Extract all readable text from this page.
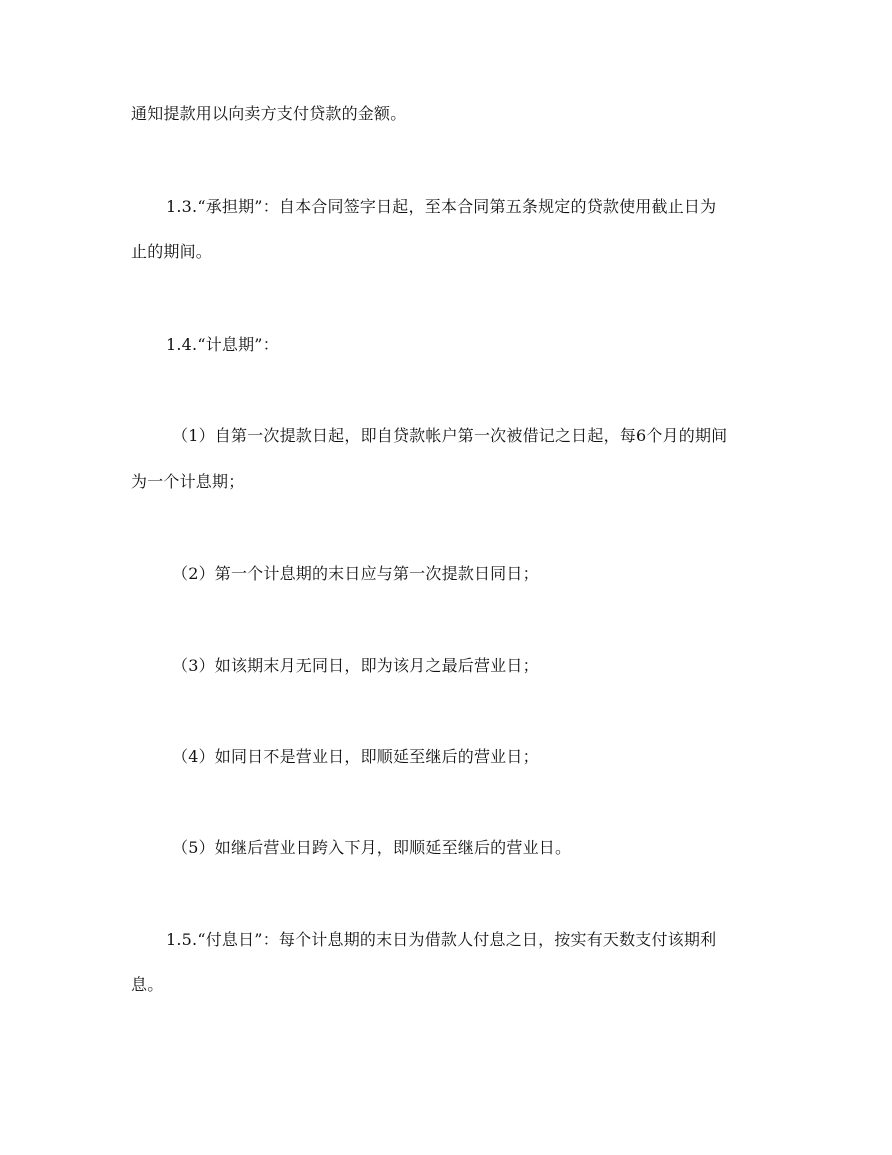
通知提款用以向卖方支付贷款的金额。
1.3.“承担期”：自本合同签字日起，至本合同第五条规定的贷款使用截止日为
止的期间。
1.4.“计息期”：
（1）自第一次提款日起，即自贷款帐户第一次被借记之日起，每6个月的期间
为一个计息期；
（2）第一个计息期的末日应与第一次提款日同日；
（3）如该期末月无同日，即为该月之最后营业日；
（4）如同日不是营业日，即顺延至继后的营业日；
（5）如继后营业日跨入下月，即顺延至继后的营业日。
1.5.“付息日”：每个计息期的末日为借款人付息之日，按实有天数支付该期利
息。
